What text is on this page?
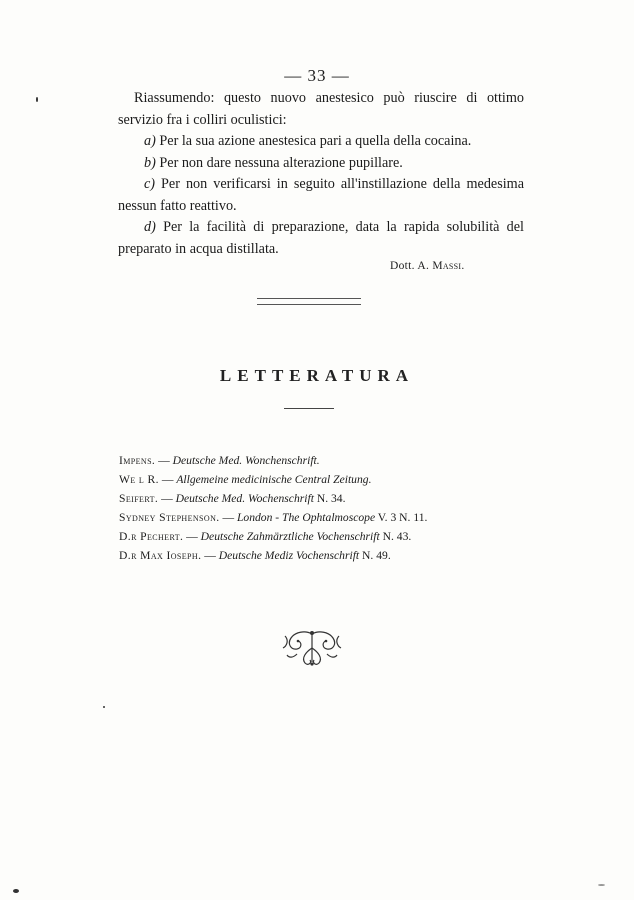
— 33 —

Riassumendo: questo nuovo anestesico può riuscire di ottimo servizio fra i colliri oculistici:

a) Per la sua azione anestesica pari a quella della cocaina.

b) Per non dare nessuna alterazione pupillare.

c) Per non verificarsi in seguito all'instillazione della medesima nessun fatto reattivo.

d) Per la facilità di preparazione, data la rapida solubilità del preparato in acqua distillata.

Dott. A. Massi.
LETTERATURA
Impens. — Deutsche Med. Wonchenschrift.
We l R. — Allgemeine medicinische Central Zeitung.
Seifert. — Deutsche Med. Wochenschrift N. 34.
Sydney Stephenson. — London - The Ophtalmoscope V. 3 N. 11.
D.r Pechert. — Deutsche Zahmärztliche Vochenschrift N. 43.
D.r Max Ioseph. — Deutsche Mediz Vochenschrift N. 49.
